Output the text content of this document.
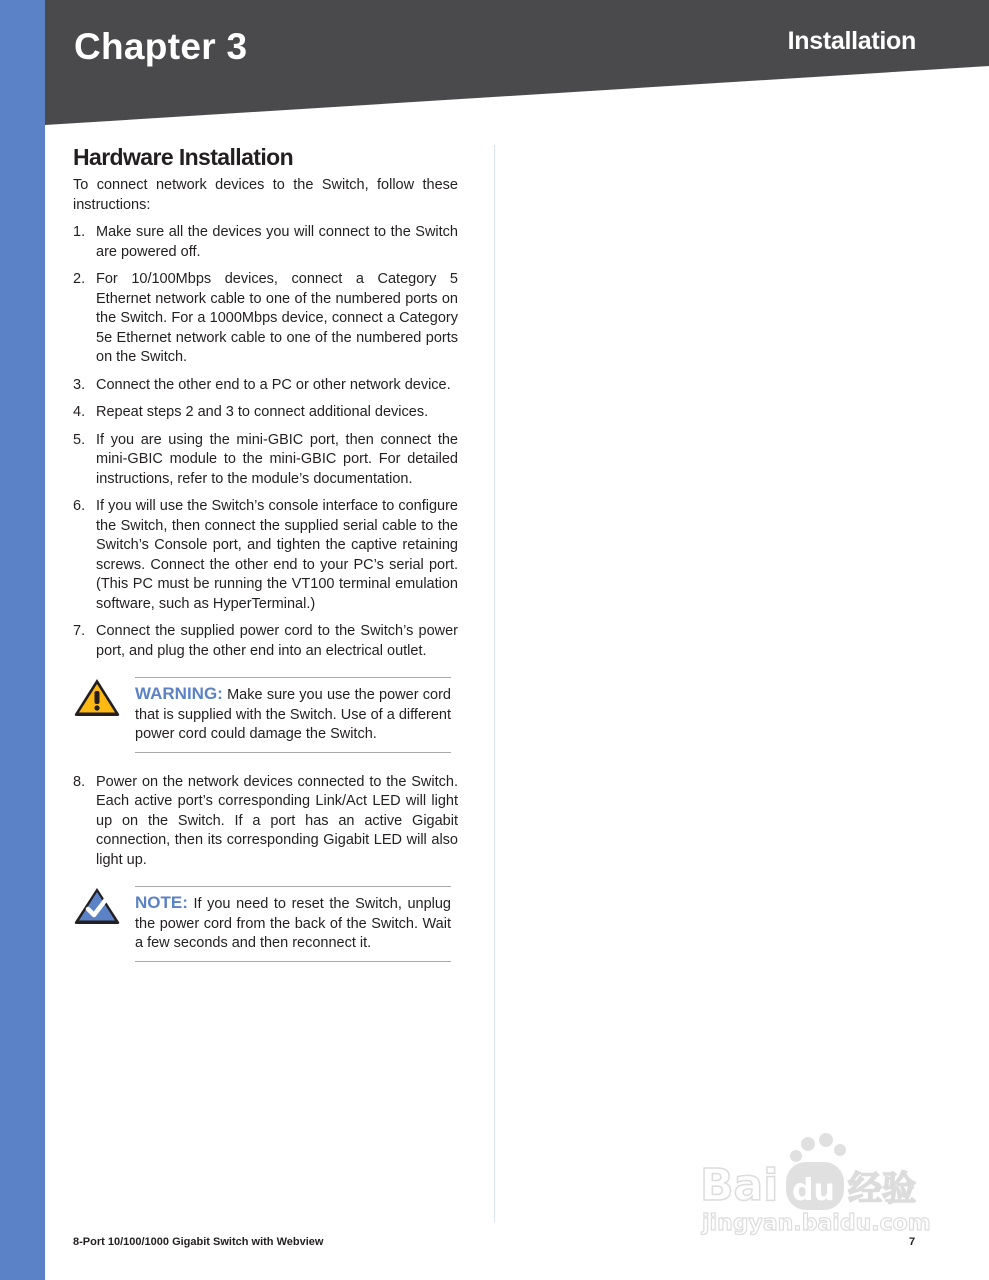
Chapter 3	Installation
Hardware Installation

To connect network devices to the Switch, follow these instructions:

1. Make sure all the devices you will connect to the Switch are powered off.
2. For 10/100Mbps devices, connect a Category 5 Ethernet network cable to one of the numbered ports on the Switch. For a 1000Mbps device, connect a Category 5e Ethernet network cable to one of the numbered ports on the Switch.
3. Connect the other end to a PC or other network device.
4. Repeat steps 2 and 3 to connect additional devices.
5. If you are using the mini-GBIC port, then connect the mini-GBIC module to the mini-GBIC port. For detailed instructions, refer to the module’s documentation.
6. If you will use the Switch’s console interface to configure the Switch, then connect the supplied serial cable to the Switch’s Console port, and tighten the captive retaining screws. Connect the other end to your PC’s serial port. (This PC must be running the VT100 terminal emulation software, such as HyperTerminal.)
7. Connect the supplied power cord to the Switch’s power port, and plug the other end into an electrical outlet.
WARNING: Make sure you use the power cord that is supplied with the Switch. Use of a different power cord could damage the Switch.
8. Power on the network devices connected to the Switch. Each active port’s corresponding Link/Act LED will light up on the Switch. If a port has an active Gigabit connection, then its corresponding Gigabit LED will also light up.
NOTE: If you need to reset the Switch, unplug the power cord from the back of the Switch. Wait a few seconds and then reconnect it.
Bai du 经验
jingyan.baidu.com
8-Port 10/100/1000 Gigabit Switch with Webview	7
